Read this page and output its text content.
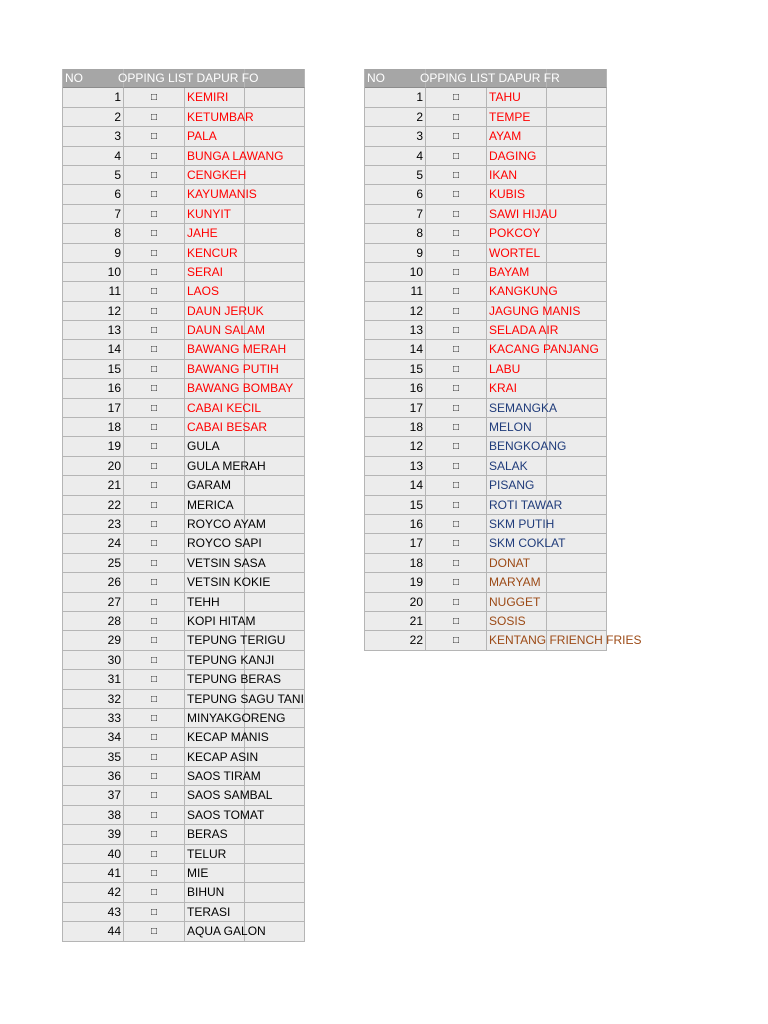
NO	OPPING LIST DAPUR FO
1	□	KEMIRI
2	□	KETUMBAR
3	□	PALA
4	□	BUNGA LAWANG
5	□	CENGKEH
6	□	KAYUMANIS
7	□	KUNYIT
8	□	JAHE
9	□	KENCUR
10	□	SERAI
11	□	LAOS
12	□	DAUN JERUK
13	□	DAUN SALAM
14	□	BAWANG MERAH
15	□	BAWANG PUTIH
16	□	BAWANG BOMBAY
17	□	CABAI KECIL
18	□	CABAI BESAR
19	□	GULA
20	□	GULA MERAH
21	□	GARAM
22	□	MERICA
23	□	ROYCO AYAM
24	□	ROYCO SAPI
25	□	VETSIN SASA
26	□	VETSIN KOKIE
27	□	TEHH
28	□	KOPI HITAM
29	□	TEPUNG TERIGU
30	□	TEPUNG KANJI
31	□	TEPUNG BERAS
32	□	TEPUNG SAGU TANI
33	□	MINYAKGORENG
34	□	KECAP MANIS
35	□	KECAP ASIN
36	□	SAOS TIRAM
37	□	SAOS SAMBAL
38	□	SAOS TOMAT
39	□	BERAS
40	□	TELUR
41	□	MIE
42	□	BIHUN
43	□	TERASI
44	□	AQUA GALON
NO	OPPING LIST DAPUR FR
1	□	TAHU
2	□	TEMPE
3	□	AYAM
4	□	DAGING
5	□	IKAN
6	□	KUBIS
7	□	SAWI HIJAU
8	□	POKCOY
9	□	WORTEL
10	□	BAYAM
11	□	KANGKUNG
12	□	JAGUNG MANIS
13	□	SELADA AIR
14	□	KACANG PANJANG
15	□	LABU
16	□	KRAI
17	□	SEMANGKA
18	□	MELON
12	□	BENGKOANG
13	□	SALAK
14	□	PISANG
15	□	ROTI TAWAR
16	□	SKM PUTIH
17	□	SKM COKLAT
18	□	DONAT
19	□	MARYAM
20	□	NUGGET
21	□	SOSIS
22	□	KENTANG FRIENCH FRIES
